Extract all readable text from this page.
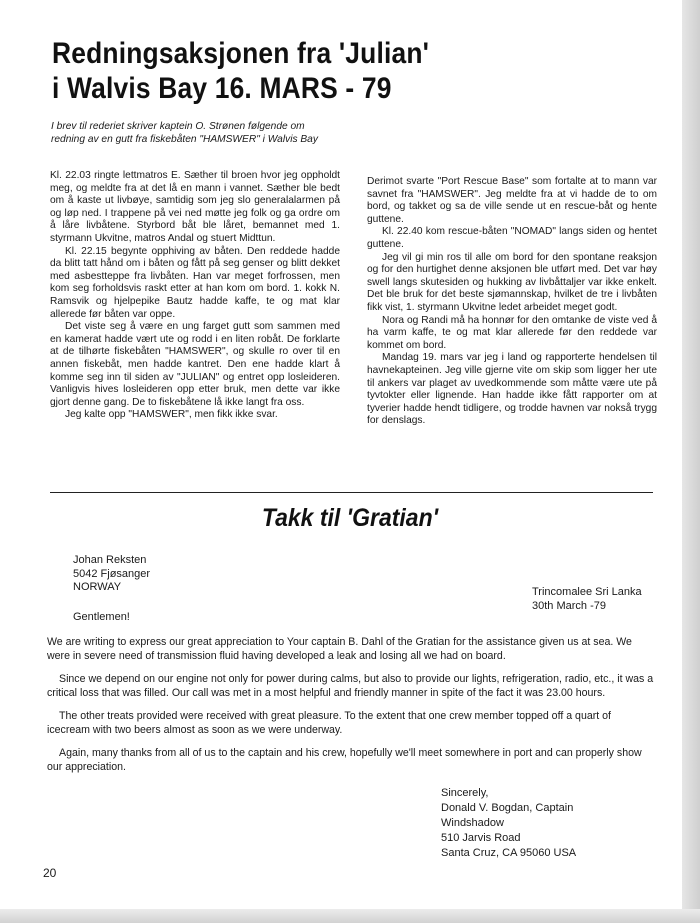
Redningsaksjonen fra 'Julian'
i Walvis Bay 16. MARS - 79
I brev til rederiet skriver kaptein O. Strønen følgende om redning av en gutt fra fiskebåten "HAMSWER" i Walvis Bay

Kl. 22.03 ringte lettmatros E. Sæther til broen hvor jeg oppholdt meg, og meldte fra at det lå en mann i vannet. Sæther ble bedt om å kaste ut livbøye, samtidig som jeg slo generalalarmen på og løp ned. I trappene på vei ned møtte jeg folk og ga ordre om å låre livbåtene. Styrbord båt ble låret, bemannet med 1. styrmann Ukvitne, matros Andal og stuert Midttun.

Kl. 22.15 begynte opphiving av båten. Den reddede hadde da blitt tatt hånd om i båten og fått på seg genser og blitt dekket med asbestteppe fra livbåten. Han var meget forfrossen, men kom seg forholdsvis raskt etter at han kom om bord. 1. kokk N. Ramsvik og hjelpepike Bautz hadde kaffe, te og mat klar allerede før båten var oppe.

Det viste seg å være en ung farget gutt som sammen med en kamerat hadde vært ute og rodd i en liten robåt. De forklarte at de tilhørte fiskebåten "HAMSWER", og skulle ro over til en annen fiskebåt, men hadde kantret. Den ene hadde klart å komme seg inn til siden av "JULIAN" og entret opp losleideren. Vanligvis hives losleideren opp etter bruk, men dette var ikke gjort denne gang. De to fiskebåtene lå ikke langt fra oss.

Jeg kalte opp "HAMSWER", men fikk ikke svar.

Derimot svarte "Port Rescue Base" som fortalte at to mann var savnet fra "HAMSWER". Jeg meldte fra at vi hadde de to om bord, og takket og sa de ville sende ut en rescue-båt og hente guttene.

Kl. 22.40 kom rescue-båten "NOMAD" langs siden og hentet guttene.

Jeg vil gi min ros til alle om bord for den spontane reaksjon og for den hurtighet denne aksjonen ble utført med. Det var høy swell langs skutesiden og hukking av livbåttaljer var ikke enkelt. Det ble bruk for det beste sjømannskap, hvilket de tre i livbåten fikk vist, 1. styrmann Ukvitne ledet arbeidet meget godt.

Nora og Randi må ha honnør for den omtanke de viste ved å ha varm kaffe, te og mat klar allerede før den reddede var kommet om bord.

Mandag 19. mars var jeg i land og rapporterte hendelsen til havnekapteinen. Jeg ville gjerne vite om skip som ligger her ute til ankers var plaget av uvedkommende som måtte være ute på tyvtokter eller lignende. Han hadde ikke fått rapporter om at tyverier hadde hendt tidligere, og trodde havnen var nokså trygg for denslags.

Takk til 'Gratian'
Johan Reksten
5042 Fjøsanger
NORWAY	Trincomalee Sri Lanka
30th March -79
Gentlemen!

We are writing to express our great appreciation to Your captain B. Dahl of the Gratian for the assistance given us at sea. We were in severe need of transmission fluid having developed a leak and losing all we had on board.

Since we depend on our engine not only for power during calms, but also to provide our lights, refrigeration, radio, etc., it was a critical loss that was filled. Our call was met in a most helpful and friendly manner in spite of the fact it was 23.00 hours.

The other treats provided were received with great pleasure. To the extent that one crew member topped off a quart of icecream with two beers almost as soon as we were underway.

Again, many thanks from all of us to the captain and his crew, hopefully we'll meet somewhere in port and can properly show our appreciation.

Sincerely,
Donald V. Bogdan, Captain
Windshadow
510 Jarvis Road
Santa Cruz, CA 95060 USA
20
